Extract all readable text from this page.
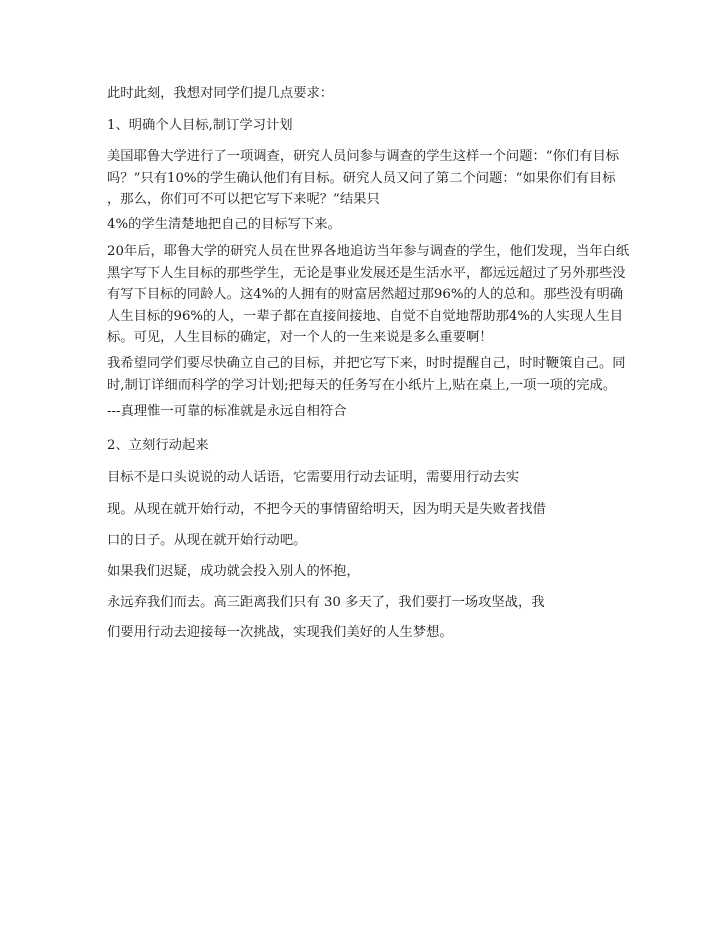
此时此刻，我想对同学们提几点要求：
1、明确个人目标,制订学习计划
美国耶鲁大学进行了一项调查，研究人员问参与调查的学生这样一个问题：“你们有目标
吗？”只有10%的学生确认他们有目标。研究人员又问了第二个问题：“如果你们有目标
，那么，你们可不可以把它写下来呢？”结果只
4%的学生清楚地把自己的目标写下来。
20年后，耶鲁大学的研究人员在世界各地追访当年参与调查的学生，他们发现，当年白纸
黑字写下人生目标的那些学生，无论是事业发展还是生活水平，都远远超过了另外那些没
有写下目标的同龄人。这4%的人拥有的财富居然超过那96%的人的总和。那些没有明确
人生目标的96%的人，一辈子都在直接间接地、自觉不自觉地帮助那4%的人实现人生目
标。可见，人生目标的确定，对一个人的一生来说是多么重要啊！
我希望同学们要尽快确立自己的目标，并把它写下来，时时提醒自己，时时鞭策自己。同
时,制订详细而科学的学习计划;把每天的任务写在小纸片上,贴在桌上,一项一项的完成。
---真理惟一可靠的标准就是永远自相符合
2、立刻行动起来
目标不是口头说说的动人话语，它需要用行动去证明，需要用行动去实
现。从现在就开始行动，不把今天的事情留给明天，因为明天是失败者找借
口的日子。从现在就开始行动吧。
如果我们迟疑，成功就会投入别人的怀抱，
永远弃我们而去。高三距离我们只有 30 多天了，我们要打一场攻坚战，我
们要用行动去迎接每一次挑战，实现我们美好的人生梦想。
